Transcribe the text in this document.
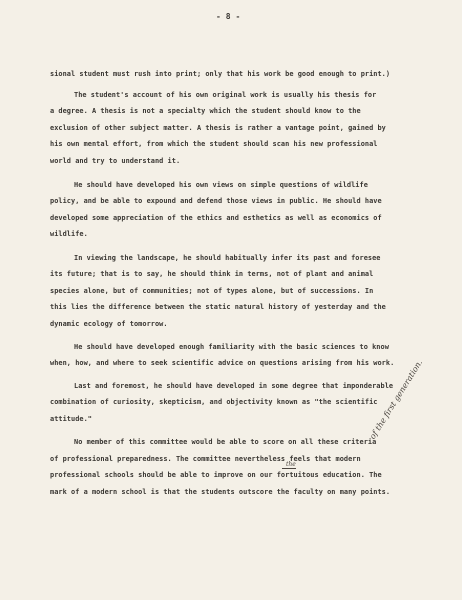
- 8 -
sional student must rush into print; only that his work be good enough to print.)
The student's account of his own original work is usually his thesis for
a degree. A thesis is not a specialty which the student should know to the
exclusion of other subject matter. A thesis is rather a vantage point, gained by
his own mental effort, from which the student should scan his new professional
world and try to understand it.
He should have developed his own views on simple questions of wildlife
policy, and be able to expound and defend those views in public. He should have
developed some appreciation of the ethics and esthetics as well as economics of
wildlife.
In viewing the landscape, he should habitually infer its past and foresee
its future; that is to say, he should think in terms, not of plant and animal
species alone, but of communities; not of types alone, but of successions. In
this lies the difference between the static natural history of yesterday and the
dynamic ecology of tomorrow.
He should have developed enough familiarity with the basic sciences to know
when, how, and where to seek scientific advice on questions arising from his work.
Last and foremost, he should have developed in some degree that imponderable
combination of curiosity, skepticism, and objectivity known as "the scientific
attitude."
No member of this committee would be able to score on all these criteria
of professional preparedness. The committee nevertheless feels that modern
professional schools should be able to improve on our fortuitous education. The
mark of a modern school is that the students outscore the faculty on many points.
the
of the first generation.
